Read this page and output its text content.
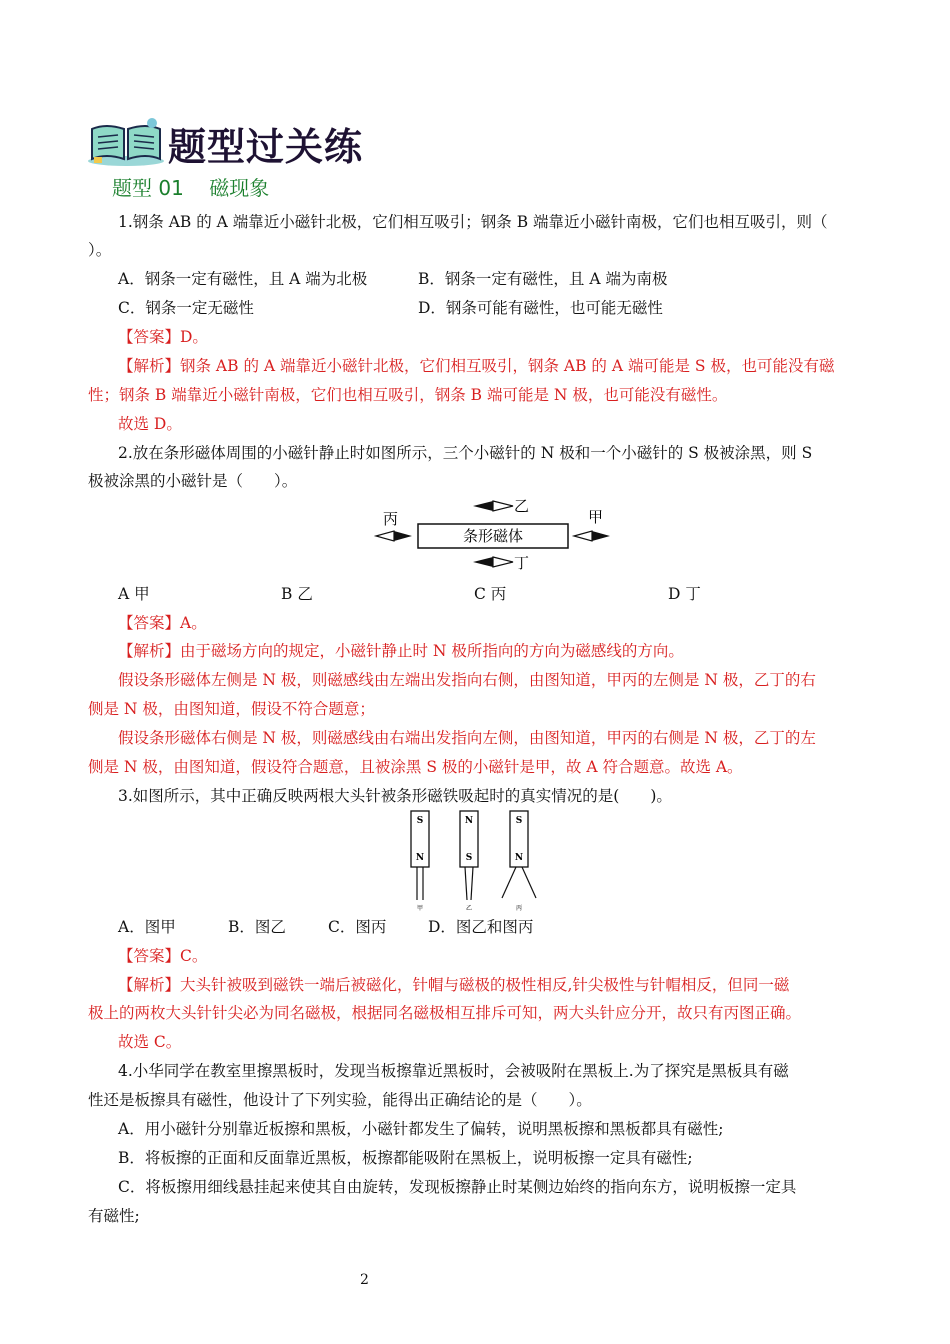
题型过关练
题型 01    磁现象
1.钢条 AB 的 A 端靠近小磁针北极，它们相互吸引；钢条 B 端靠近小磁针南极，它们也相互吸引，则（
）。
A．钢条一定有磁性，且 A 端为北极	B．钢条一定有磁性，且 A 端为南极
C．钢条一定无磁性	D．钢条可能有磁性，也可能无磁性
【答案】D。
【解析】钢条 AB 的 A 端靠近小磁针北极，它们相互吸引，钢条 AB 的 A 端可能是 S 极，也可能没有磁
性；钢条 B 端靠近小磁针南极，它们也相互吸引，钢条 B 端可能是 N 极，也可能没有磁性。
故选 D。
2.放在条形磁体周围的小磁针静止时如图所示，三个小磁针的 N 极和一个小磁针的 S 极被涂黑，则 S
极被涂黑的小磁针是（　　）。
乙
丙
条形磁体
甲
丁
A 甲	B 乙	C 丙	D 丁
【答案】A。
【解析】由于磁场方向的规定，小磁针静止时 N 极所指向的方向为磁感线的方向。
假设条形磁体左侧是 N 极，则磁感线由左端出发指向右侧，由图知道，甲丙的左侧是 N 极，乙丁的右
侧是 N 极，由图知道，假设不符合题意；
假设条形磁体右侧是 N 极，则磁感线由右端出发指向左侧，由图知道，甲丙的右侧是 N 极，乙丁的左
侧是 N 极，由图知道，假设符合题意，且被涂黑 S 极的小磁针是甲，故 A 符合题意。故选 A。
3.如图所示，其中正确反映两根大头针被条形磁铁吸起时的真实情况的是(　　)。
S
N
甲
N
S
乙
S
N
丙
A．图甲	B．图乙	C．图丙	D．图乙和图丙
【答案】C。
【解析】大头针被吸到磁铁一端后被磁化，针帽与磁极的极性相反,针尖极性与针帽相反，但同一磁
极上的两枚大头针针尖必为同名磁极，根据同名磁极相互排斥可知，两大头针应分开，故只有丙图正确。
故选 C。
4.小华同学在教室里擦黑板时，发现当板擦靠近黑板时，会被吸附在黑板上.为了探究是黑板具有磁
性还是板擦具有磁性，他设计了下列实验，能得出正确结论的是（　　）。
A．用小磁针分别靠近板擦和黑板，小磁针都发生了偏转，说明黑板擦和黑板都具有磁性;
B．将板擦的正面和反面靠近黑板，板擦都能吸附在黑板上，说明板擦一定具有磁性;
C．将板擦用细线悬挂起来使其自由旋转，发现板擦静止时某侧边始终的指向东方，说明板擦一定具
有磁性;
2
